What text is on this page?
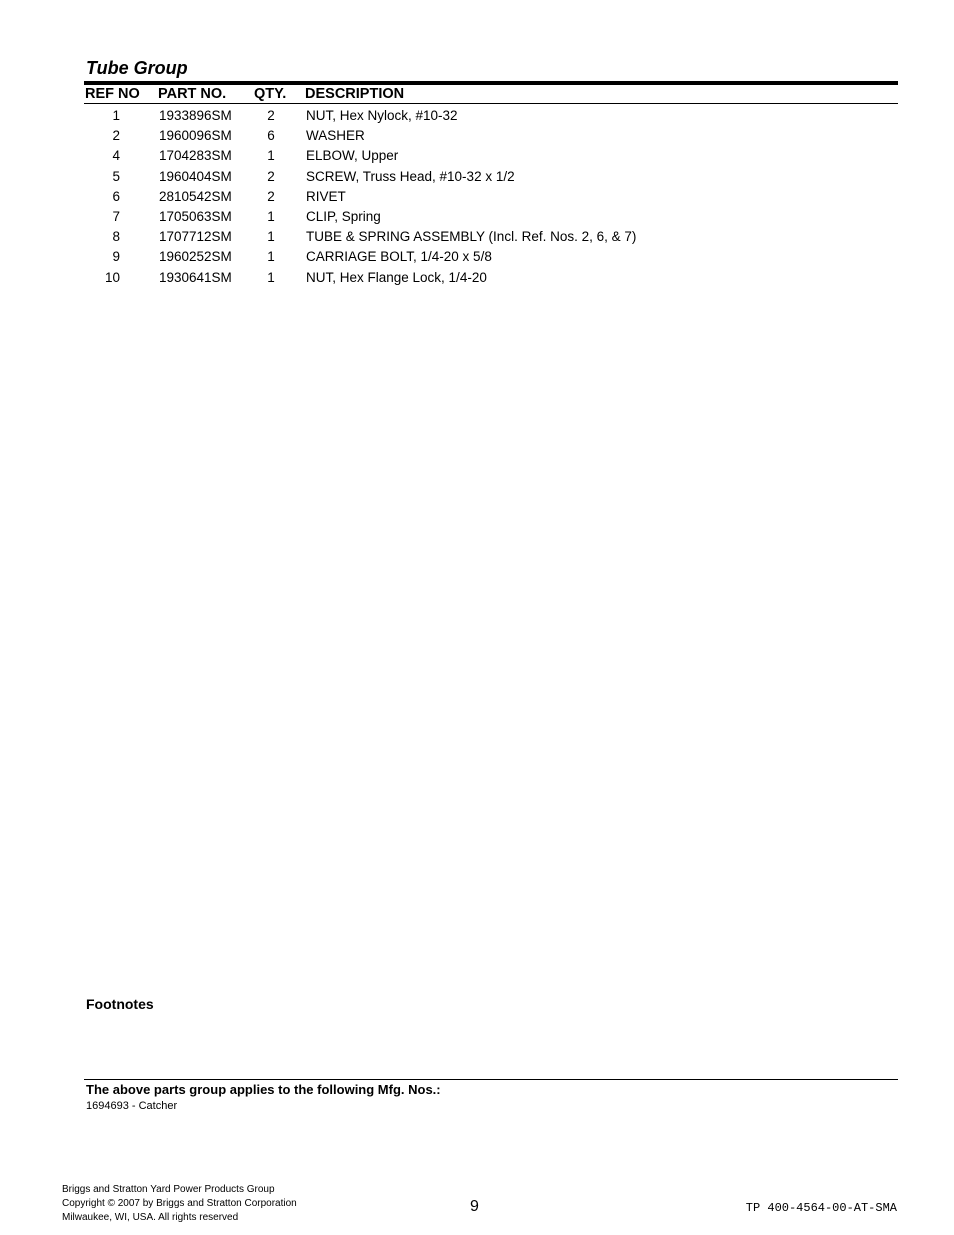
Tube Group
REF NO PART NO. QTY. DESCRIPTION
1	1933896SM	2	NUT, Hex Nylock, #10-32
2	1960096SM	6	WASHER
4	1704283SM	1	ELBOW, Upper
5	1960404SM	2	SCREW, Truss Head, #10-32 x 1/2
6	2810542SM	2	RIVET
7	1705063SM	1	CLIP, Spring
8	1707712SM	1	TUBE & SPRING ASSEMBLY (Incl. Ref. Nos. 2, 6, & 7)
9	1960252SM	1	CARRIAGE BOLT, 1/4-20 x 5/8
10	1930641SM	1	NUT, Hex Flange Lock, 1/4-20
Footnotes
The above parts group applies to the following Mfg. Nos.:
1694693 - Catcher
Briggs and Stratton Yard Power Products Group
Copyright © 2007 by Briggs and Stratton Corporation
Milwaukee, WI, USA. All rights reserved
9	TP 400-4564-00-AT-SMA
